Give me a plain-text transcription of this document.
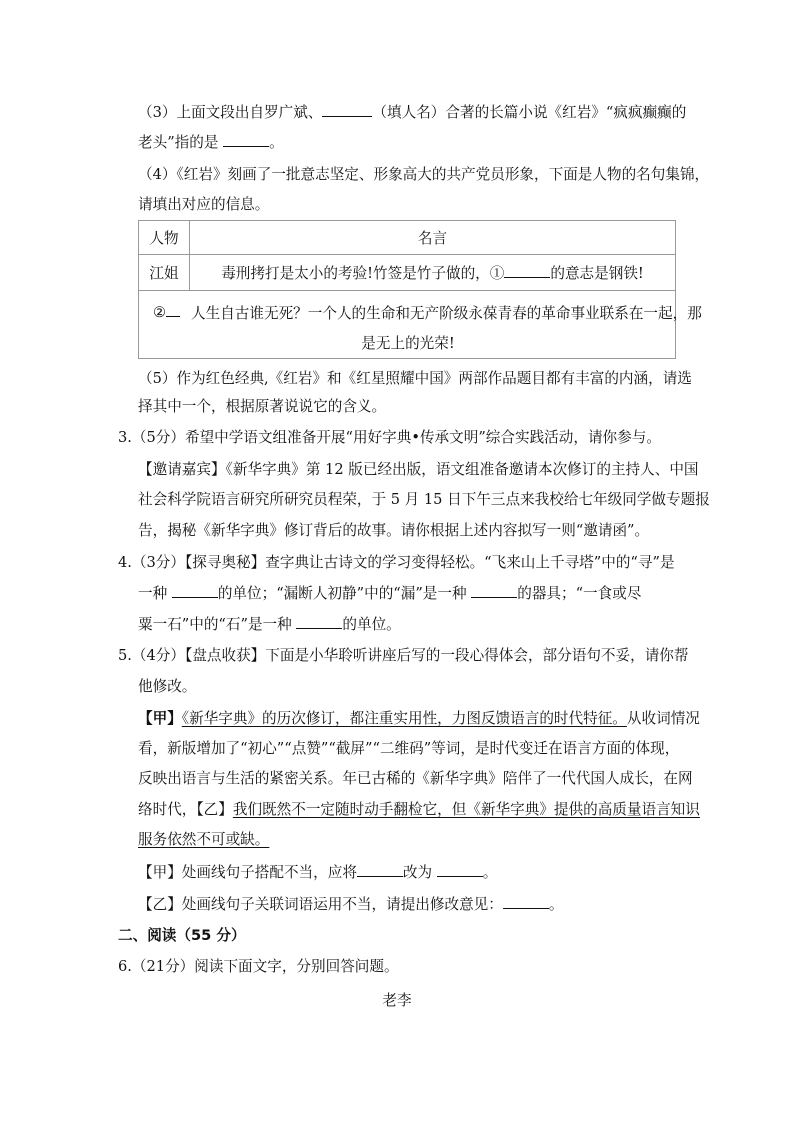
（3）上面文段出自罗广斌、	（填人名）合著的长篇小说《红岩》“疯疯癫癫的
老头”指的是	。
（4）《红岩》刻画了一批意志坚定、形象高大的共产党员形象，下面是人物的名句集锦，
请填出对应的信息。
人物	名言
江姐	毒刑拷打是太小的考验!竹签是竹子做的，① 的意志是钢铁!

② 人生自古谁无死？一个人的生命和无产阶级永葆青春的革命事业联系在一起，那
是无上的光荣!	
（5）作为红色经典,《红岩》和《红星照耀中国》两部作品题目都有丰富的内涵，请选
择其中一个，根据原著说说它的含义。
3.（5分）希望中学语文组准备开展“用好字典•传承文明”综合实践活动，请你参与。
【邀请嘉宾】《新华字典》第 12 版已经出版，语文组准备邀请本次修订的主持人、中国
社会科学院语言研究所研究员程荣，于 5 月 15 日下午三点来我校给七年级同学做专题报
告，揭秘《新华字典》修订背后的故事。请你根据上述内容拟写一则“邀请函”。
4.（3分）【探寻奥秘】查字典让古诗文的学习变得轻松。“飞来山上千寻塔”中的“寻”是
一种	的单位；“漏断人初静”中的“漏”是一种	的器具；“一食或尽
粟一石”中的“石”是一种	的单位。
5.（4分）【盘点收获】下面是小华聆听讲座后写的一段心得体会，部分语句不妥，请你帮
他修改。
【甲】《新华字典》的历次修订，都注重实用性，力图反馈语言的时代特征。从收词情况
看，新版增加了“初心”“点赞”“截屏”“二维码”等词，是时代变迁在语言方面的体现，
反映出语言与生活的紧密关系。年已古稀的《新华字典》陪伴了一代代国人成长，在网
络时代，【乙】我们既然不一定随时动手翻检它，但《新华字典》提供的高质量语言知识
服务依然不可或缺。
【甲】处画线句子搭配不当，应将	改为	。
【乙】处画线句子关联词语运用不当，请提出修改意见：	。
二、阅读（55 分）
6.（21分）阅读下面文字，分别回答问题。
老李
